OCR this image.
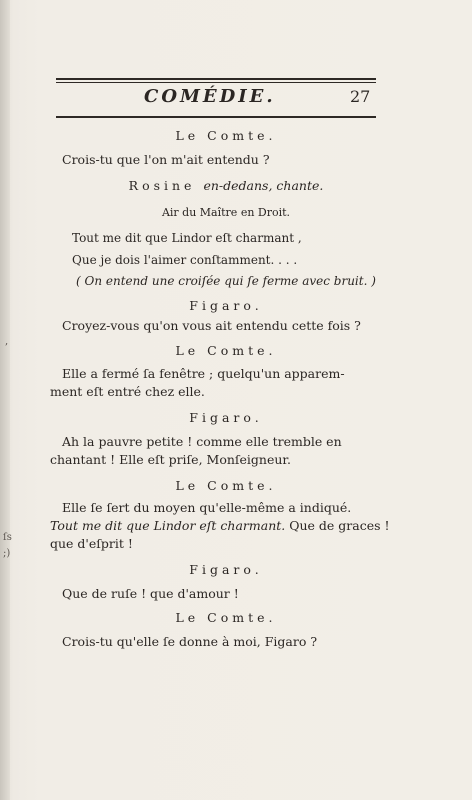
,
ſs
;)
COMÉDIE.	27
Le Comte.
Crois-tu que l'on m'ait entendu ?
Rosine en-dedans, chante.
Air du Maître en Droit.
Tout me dit que Lindor eſt charmant ,
Que je dois l'aimer conſtamment. . . .
( On entend une croiſée qui ſe ferme avec bruit. )
Figaro.
Croyez-vous qu'on vous ait entendu cette fois ?
Le Comte.
Elle a fermé ſa fenêtre ; quelqu'un apparem-
ment eſt entré chez elle.
Figaro.
Ah la pauvre petite ! comme elle tremble en
chantant ! Elle eſt priſe, Monſeigneur.
Le Comte.
Elle ſe ſert du moyen qu'elle-même a indiqué.
Tout me dit que Lindor eſt charmant. Que de graces !
que d'eſprit !
Figaro.
Que de ruſe ! que d'amour !
Le Comte.
Crois-tu qu'elle ſe donne à moi, Figaro ?
